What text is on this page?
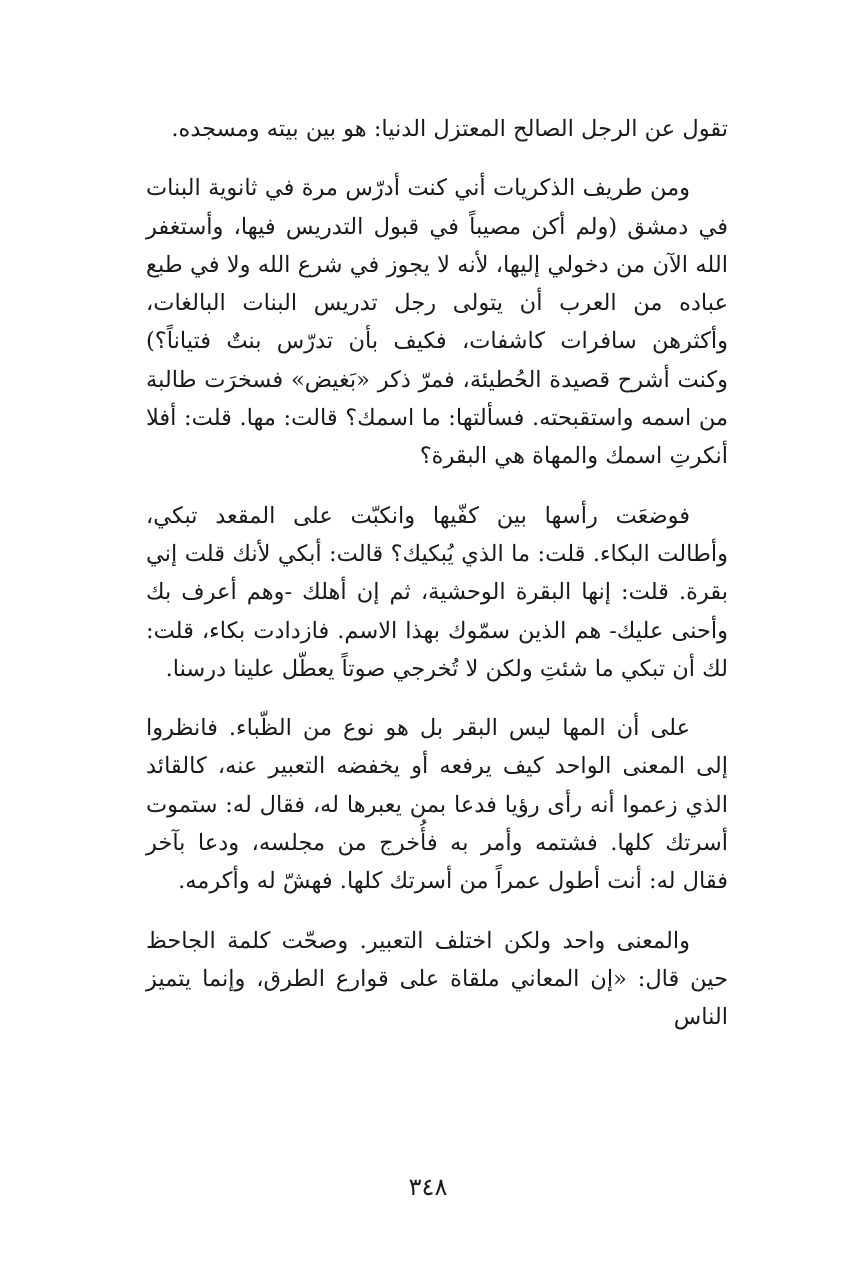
تقول عن الرجل الصالح المعتزل الدنيا: هو بين بيته ومسجده.

ومن طريف الذكريات أني كنت أدرّس مرة في ثانوية البنات في دمشق (ولم أكن مصيباً في قبول التدريس فيها، وأستغفر الله الآن من دخولي إليها، لأنه لا يجوز في شرع الله ولا في طبع عباده من العرب أن يتولى رجل تدريس البنات البالغات، وأكثرهن سافرات كاشفات، فكيف بأن تدرّس بنتٌ فتياناً؟) وكنت أشرح قصيدة الحُطيئة، فمرّ ذكر «بَغيض» فسخرَت طالبة من اسمه واستقبحته. فسألتها: ما اسمك؟ قالت: مها. قلت: أفلا أنكرتِ اسمك والمهاة هي البقرة؟

فوضعَت رأسها بين كفّيها وانكبّت على المقعد تبكي، وأطالت البكاء. قلت: ما الذي يُبكيك؟ قالت: أبكي لأنك قلت إني بقرة. قلت: إنها البقرة الوحشية، ثم إن أهلك -وهم أعرف بك وأحنى عليك- هم الذين سمّوك بهذا الاسم. فازدادت بكاء، قلت: لك أن تبكي ما شئتِ ولكن لا تُخرجي صوتاً يعطّل علينا درسنا.

على أن المها ليس البقر بل هو نوع من الظّباء. فانظروا إلى المعنى الواحد كيف يرفعه أو يخفضه التعبير عنه، كالقائد الذي زعموا أنه رأى رؤيا فدعا بمن يعبرها له، فقال له: ستموت أسرتك كلها. فشتمه وأمر به فأُخرج من مجلسه، ودعا بآخر فقال له: أنت أطول عمراً من أسرتك كلها. فهشّ له وأكرمه.

والمعنى واحد ولكن اختلف التعبير. وصحّت كلمة الجاحظ حين قال: «إن المعاني ملقاة على قوارع الطرق، وإنما يتميز الناس

٣٤٨
